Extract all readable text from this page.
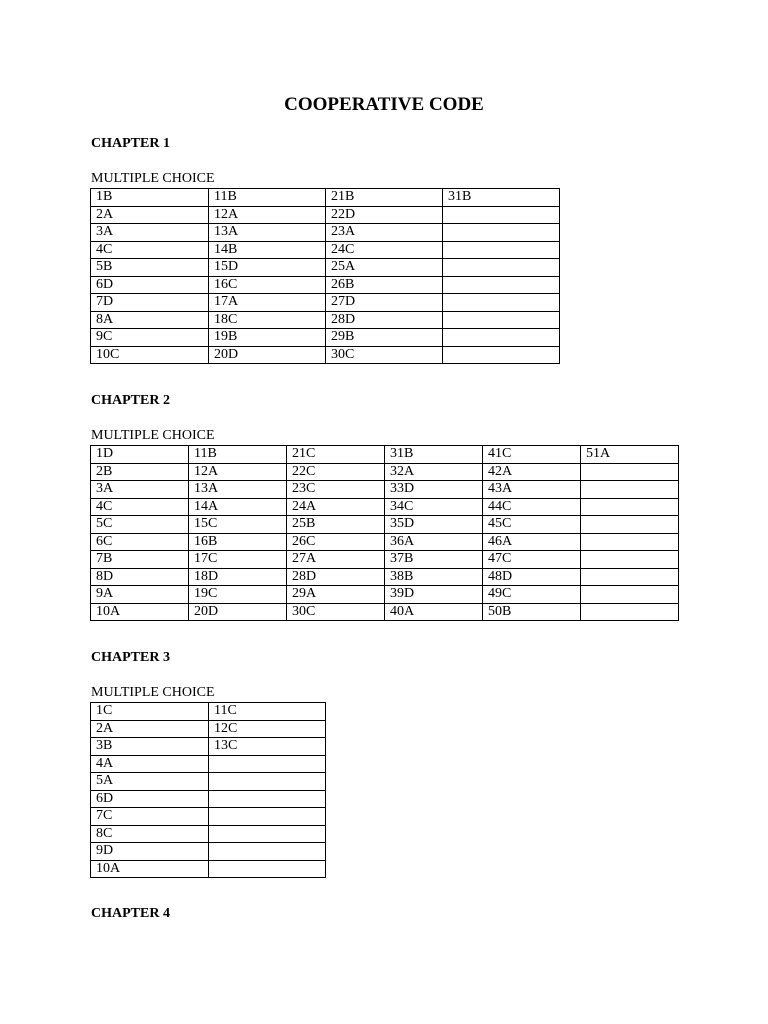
COOPERATIVE CODE
CHAPTER 1
MULTIPLE CHOICE
1B	11B	21B	31B
2A	12A	22D	
3A	13A	23A	
4C	14B	24C	
5B	15D	25A	
6D	16C	26B	
7D	17A	27D	
8A	18C	28D	
9C	19B	29B	
10C	20D	30C	
CHAPTER 2
MULTIPLE CHOICE
1D	11B	21C	31B	41C	51A
2B	12A	22C	32A	42A	
3A	13A	23C	33D	43A	
4C	14A	24A	34C	44C	
5C	15C	25B	35D	45C	
6C	16B	26C	36A	46A	
7B	17C	27A	37B	47C	
8D	18D	28D	38B	48D	
9A	19C	29A	39D	49C	
10A	20D	30C	40A	50B	
CHAPTER 3
MULTIPLE CHOICE
1C	11C
2A	12C
3B	13C
4A	
5A	
6D	
7C	
8C	
9D	
10A	
CHAPTER 4
